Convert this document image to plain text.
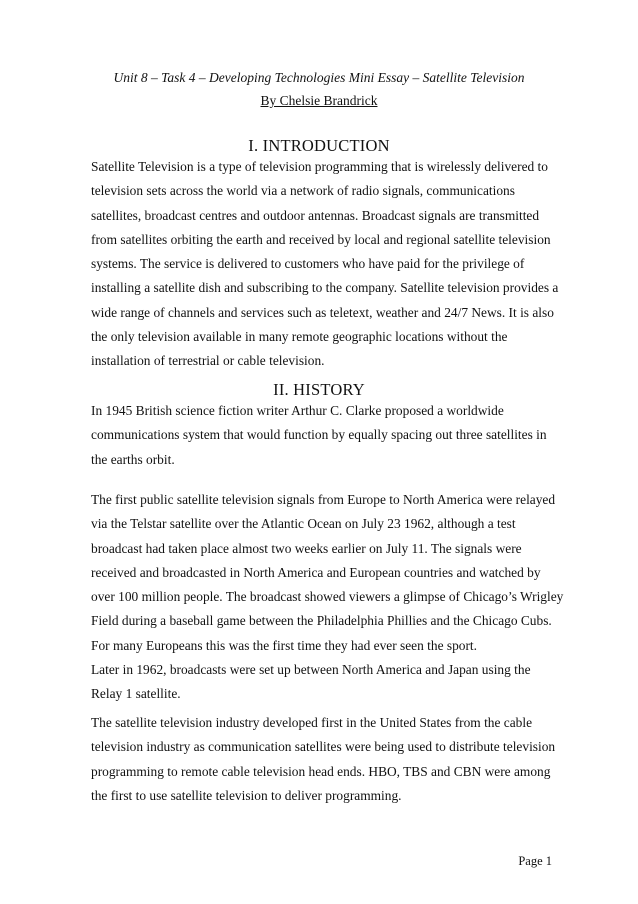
Unit 8 – Task 4 – Developing Technologies Mini Essay – Satellite Television
By Chelsie Brandrick
I. INTRODUCTION
Satellite Television is a type of television programming that is wirelessly delivered to
television sets across the world via a network of radio signals, communications
satellites, broadcast centres and outdoor antennas. Broadcast signals are transmitted
from satellites orbiting the earth and received by local and regional satellite television
systems. The service is delivered to customers who have paid for the privilege of
installing a satellite dish and subscribing to the company. Satellite television provides a
wide range of channels and services such as teletext, weather and 24/7 News. It is also
the only television available in many remote geographic locations without the
installation of terrestrial or cable television.
II. HISTORY
In 1945 British science fiction writer Arthur C. Clarke proposed a worldwide
communications system that would function by equally spacing out three satellites in
the earths orbit.
The first public satellite television signals from Europe to North America were relayed
via the Telstar satellite over the Atlantic Ocean on July 23 1962, although a test
broadcast had taken place almost two weeks earlier on July 11. The signals were
received and broadcasted in North America and European countries and watched by
over 100 million people. The broadcast showed viewers a glimpse of Chicago’s Wrigley
Field during a baseball game between the Philadelphia Phillies and the Chicago Cubs.
For many Europeans this was the first time they had ever seen the sport.
Later in 1962, broadcasts were set up between North America and Japan using the
Relay 1 satellite.
The satellite television industry developed first in the United States from the cable
television industry as communication satellites were being used to distribute television
programming to remote cable television head ends. HBO, TBS and CBN were among
the first to use satellite television to deliver programming.
Page 1
